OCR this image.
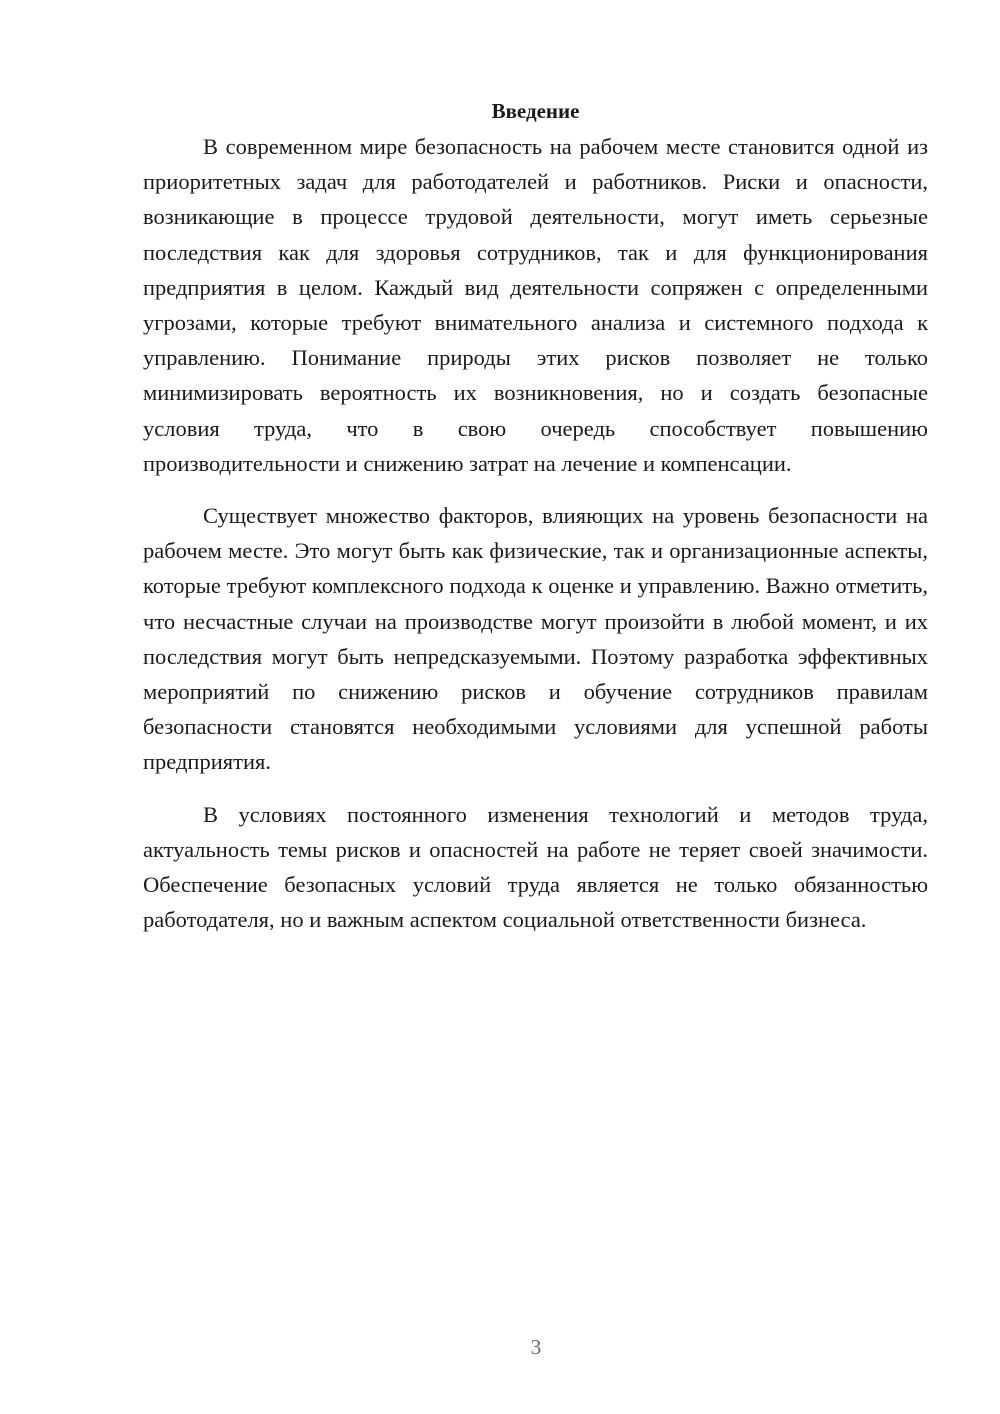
Введение

В современном мире безопасность на рабочем месте становится одной из приоритетных задач для работодателей и работников. Риски и опасности, возникающие в процессе трудовой деятельности, могут иметь серьезные последствия как для здоровья сотрудников, так и для функционирования предприятия в целом. Каждый вид деятельности сопряжен с определенными угрозами, которые требуют внимательного анализа и системного подхода к управлению. Понимание природы этих рисков позволяет не только минимизировать вероятность их возникновения, но и создать безопасные условия труда, что в свою очередь способствует повышению производительности и снижению затрат на лечение и компенсации.

Существует множество факторов, влияющих на уровень безопасности на рабочем месте. Это могут быть как физические, так и организационные аспекты, которые требуют комплексного подхода к оценке и управлению. Важно отметить, что несчастные случаи на производстве могут произойти в любой момент, и их последствия могут быть непредсказуемыми. Поэтому разработка эффективных мероприятий по снижению рисков и обучение сотрудников правилам безопасности становятся необходимыми условиями для успешной работы предприятия.

В условиях постоянного изменения технологий и методов труда, актуальность темы рисков и опасностей на работе не теряет своей значимости. Обеспечение безопасных условий труда является не только обязанностью работодателя, но и важным аспектом социальной ответственности бизнеса.

3
